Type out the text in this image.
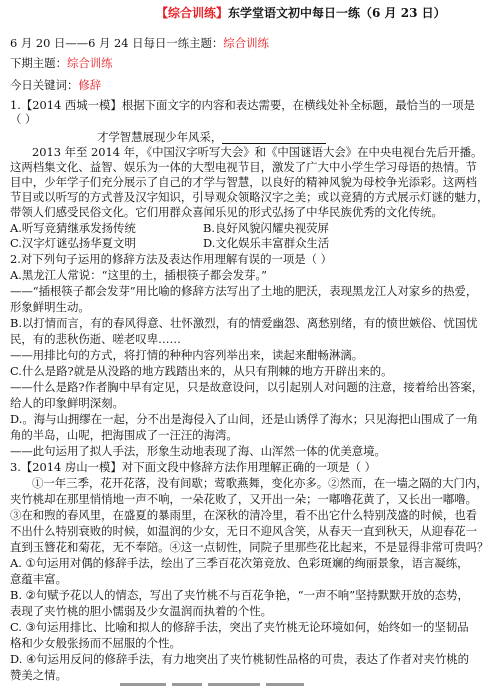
【综合训练】东学堂语文初中每日一练（6 月 23 日）
6 月 20 日——6 月 24 日每日一练主题：综合训练
下期主题：综合训练
今日关键词：修辞
1.【2014 西城一模】根据下面文字的内容和表达需要，在横线处补全标题，最恰当的一项是
（ ）
才学智慧展现少年风采，
2013 年至 2014 年，《中国汉字听写大会》和《中国谜语大会》在中央电视台先后开播。
这两档集文化、益智、娱乐为一体的大型电视节目，激发了广大中小学生学习母语的热情。节
目中，少年学子们充分展示了自己的才学与智慧，以良好的精神风貌为母校争光添彩。这两档
节目或以听写的方式普及汉字知识，引导观众领略汉字之美；或以竞猜的方式展示灯谜的魅力，
带领人们感受民俗文化。它们用群众喜闻乐见的形式弘扬了中华民族优秀的文化传统。
A.听写竞猜继承发扬传统	B.良好风貌闪耀央视荧屏
C.汉字灯谜弘扬华夏文明	D.文化娱乐丰富群众生活
2.对下列句子运用的修辞方法及表达作用理解有误的一项是（ ）
A.黑龙江人常说：“这里的土，插根筷子都会发芽。”
——“插根筷子都会发芽”用比喻的修辞方法写出了土地的肥沃，表现黑龙江人对家乡的热爱，
形象鲜明生动。
B.以打情而言，有的春风得意、壮怀激烈，有的情爱幽怨、离愁别绪，有的愤世嫉俗、忧国忧
民，有的悲秋伤逝、嗟老叹卑……
——用排比句的方式，将打情的种种内容列举出来，读起来酣畅淋漓。
C.什么是路?就是从没路的地方践踏出来的，从只有荆棘的地方开辟出来的。
——什么是路?作者胸中早有定见，只是故意设问，以引起别人对问题的注意，接着给出答案，
给人的印象鲜明深刻。
D.。海与山拥缪在一起，分不出是海侵入了山间，还是山诱俘了海水；只见海把山围成了一角
角的半岛，山呢，把海围成了一汪汪的海湾。
——此句运用了拟人手法，形象生动地表现了海、山浑然一体的优美意境。
3.【2014 房山一模】对下面文段中修辞方法作用理解正确的一项是（ ）
①一年三季，花开花落，没有间歇；莺歌燕舞，变化亦多。②然而，在一墙之隔的大门内，
夹竹桃却在那里悄悄地一声不响，一朵花败了，又开出一朵；一嘟噜花黄了，又长出一嘟噜。
③在和煦的春风里，在盛夏的暴雨里，在深秋的清冷里，看不出它什么特别茂盛的时候，也看
不出什么特别衰败的时候，如温润的少女，无日不迎风含笑，从春天一直到秋天，从迎春花一
直到玉簪花和菊花，无不奉陪。④这一点韧性，同院子里那些花比起来，不是显得非常可贵吗？
A. ①句运用对偶的修辞手法，绘出了三季百花次第竞放、色彩斑斓的绚丽景象，语言凝练，
意蕴丰富。
B. ②句赋予花以人的情态，写出了夹竹桃不与百花争艳，“一声不响”坚持默默开放的态势，
表现了夹竹桃的胆小懦弱及少女温润而执着的个性。
C. ③句运用排比、比喻和拟人的修辞手法，突出了夹竹桃无论环境如何，始终如一的坚韧品
格和少女般张扬而不屈服的个性。
D. ④句运用反问的修辞手法，有力地突出了夹竹桃韧性品格的可贵，表达了作者对夹竹桃的
赞美之情。
